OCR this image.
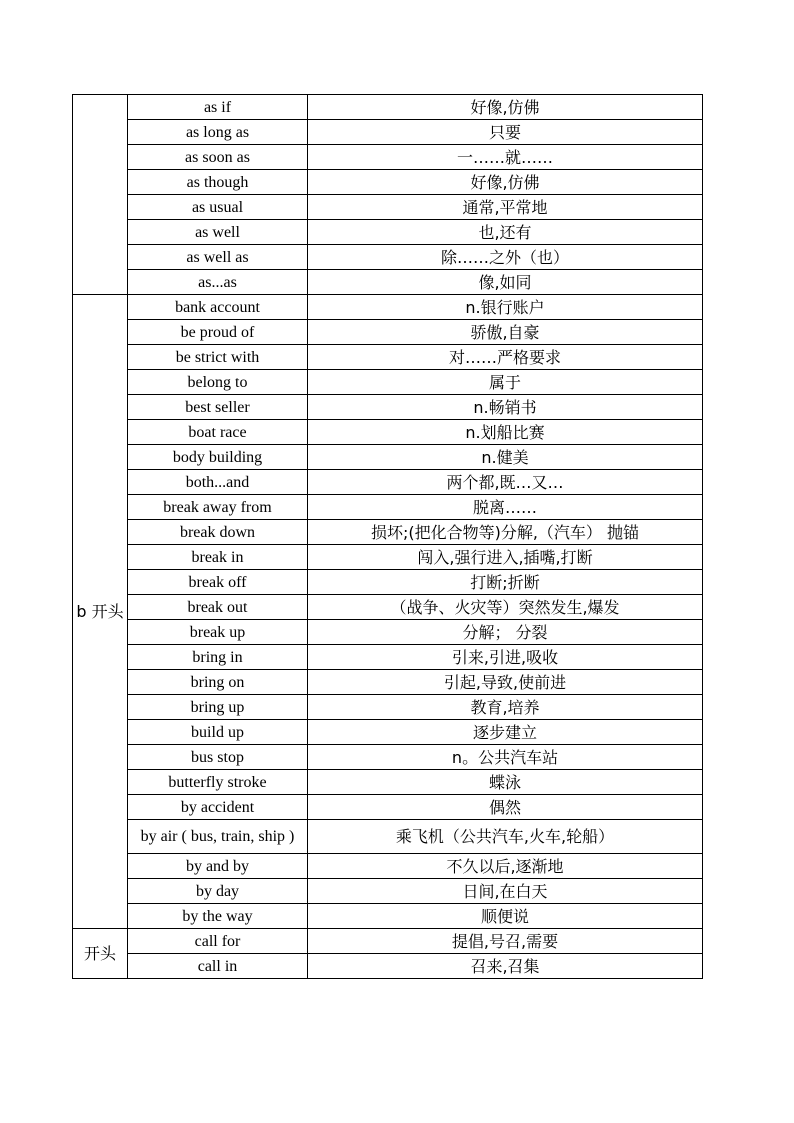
	as if	好像,仿佛
	as long as	只要
	as soon as	一……就……
	as though	好像,仿佛
	as usual	通常,平常地
	as well	也,还有
	as well as	除……之外（也）
	as...as	像,如同
b 开头	bank account	n.银行账户
	be proud of	骄傲,自豪
	be strict with	对……严格要求
	belong to	属于
	best seller	n.畅销书
	boat race	n.划船比赛
	body building	n.健美
	both...and	两个都,既…又…
	break away from	脱离……
	break down	损坏;(把化合物等)分解,（汽车） 抛锚
	break in	闯入,强行进入,插嘴,打断
	break off	打断;折断
	break out	（战争、火灾等）突然发生,爆发
	break up	分解； 分裂
	bring in	引来,引进,吸收
	bring on	引起,导致,使前进
	bring up	教育,培养
	build up	逐步建立
	bus stop	n。公共汽车站
	butterfly stroke	蝶泳
	by accident	偶然
	by air ( bus, train, ship )	乘飞机（公共汽车,火车,轮船）
	by and by	不久以后,逐渐地
	by day	日间,在白天
	by the way	顺便说
开头	call for	提倡,号召,需要
	call in	召来,召集
